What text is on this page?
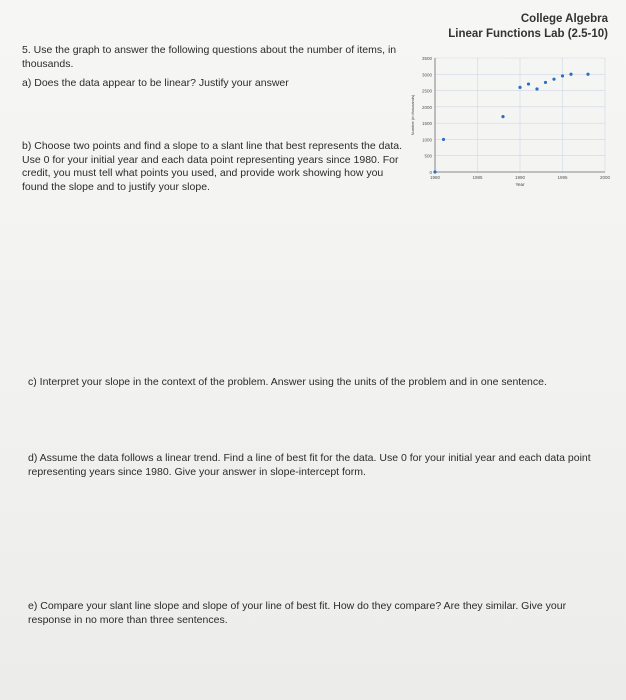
College Algebra
Linear Functions Lab (2.5-10)
5. Use the graph to answer the following questions about the number of items, in thousands.
a) Does the data appear to be linear? Justify your answer
b) Choose two points and find a slope to a slant line that best represents the data. Use 0 for your initial year and each data point representing years since 1980. For credit, you must tell what points you used, and provide work showing how you found the slope and to justify your slope.
0
500
1000
1500
2000
2500
3000
3500
1980	1985	1990	1995	2000
Year
Number (in thousands)
c) Interpret your slope in the context of the problem. Answer using the units of the problem and in one sentence.
d) Assume the data follows a linear trend. Find a line of best fit for the data. Use 0 for your initial year and each data point representing years since 1980. Give your answer in slope-intercept form.
e) Compare your slant line slope and slope of your line of best fit. How do they compare? Are they similar. Give your response in no more than three sentences.
